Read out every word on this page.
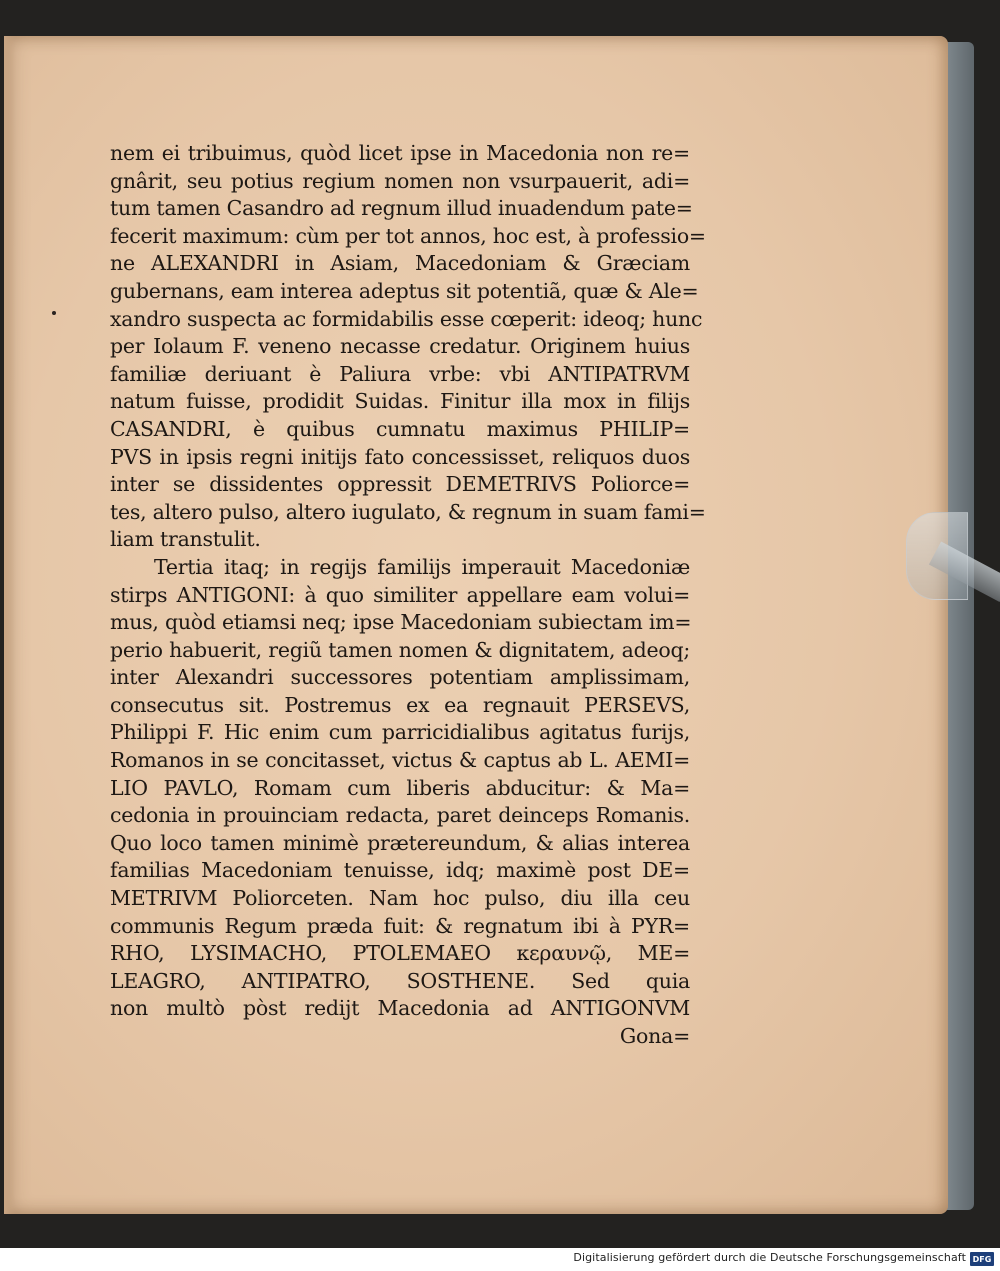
nem ei tribuimus, quòd licet ipse in Macedonia non re=
gnârit, seu potius regium nomen non vsurpauerit, adi=
tum tamen Casandro ad regnum illud inuadendum pate=
fecerit maximum: cùm per tot annos, hoc est, à professio=
ne ALEXANDRI in Asiam, Macedoniam & Græciam
gubernans, eam interea adeptus sit potentiã, quæ & Ale=
xandro suspecta ac formidabilis esse cœperit: ideoq; hunc
per Iolaum F. veneno necasse credatur. Originem huius
familiæ deriuant è Paliura vrbe: vbi ANTIPATRVM
natum fuisse, prodidit Suidas. Finitur illa mox in filijs
CASANDRI, è quibus cumnatu maximus PHILIP=
PVS in ipsis regni initijs fato concessisset, reliquos duos
inter se dissidentes oppressit DEMETRIVS Poliorce=
tes, altero pulso, altero iugulato, & regnum in suam fami=
liam transtulit.
Tertia itaq; in regijs familijs imperauit Macedoniæ
stirps ANTIGONI: à quo similiter appellare eam volui=
mus, quòd etiamsi neq; ipse Macedoniam subiectam im=
perio habuerit, regiũ tamen nomen & dignitatem, adeoq;
inter Alexandri successores potentiam amplissimam,
consecutus sit. Postremus ex ea regnauit PERSEVS,
Philippi F. Hic enim cum parricidialibus agitatus furijs,
Romanos in se concitasset, victus & captus ab L. AEMI=
LIO PAVLO, Romam cum liberis abducitur: & Ma=
cedonia in prouinciam redacta, paret deinceps Romanis.
Quo loco tamen minimè prætereundum, & alias interea
familias Macedoniam tenuisse, idq; maximè post DE=
METRIVM Poliorceten. Nam hoc pulso, diu illa ceu
communis Regum præda fuit: & regnatum ibi à PYR=
RHO, LYSIMACHO, PTOLEMAEO κεραυνῷ, ME=
LEAGRO, ANTIPATRO, SOSTHENE. Sed quia
non multò pòst redijt Macedonia ad ANTIGONVM
Gona=
Digitalisierung gefördert durch die Deutsche Forschungsgemeinschaft DFG
